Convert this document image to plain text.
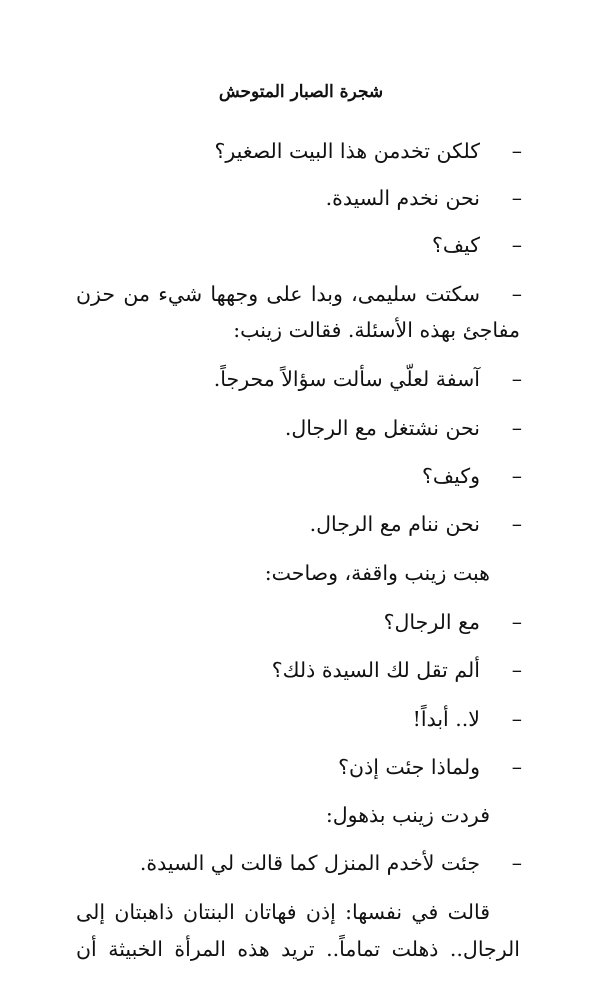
شجرة الصبار المتوحش
–
كلكن تخدمن هذا البيت الصغير؟
–
نحن نخدم السيدة.
–
كيف؟
–
سكتت سليمى، وبدا على وجهها شيء من حزن
مفاجئ بهذه الأسئلة. فقالت زينب:
–
آسفة لعلّي سألت سؤالاً محرجاً.
–
نحن نشتغل مع الرجال.
–
وكيف؟
–
نحن ننام مع الرجال.
هبت زينب واقفة، وصاحت:
–
مع الرجال؟
–
ألم تقل لك السيدة ذلك؟
–
لا.. أبداً!
–
ولماذا جئت إذن؟
فردت زينب بذهول:
–
جئت لأخدم المنزل كما قالت لي السيدة.
قالت في نفسها: إذن فهاتان البنتان ذاهبتان إلى
الرجال.. ذهلت تماماً.. تريد هذه المرأة الخبيثة أن
